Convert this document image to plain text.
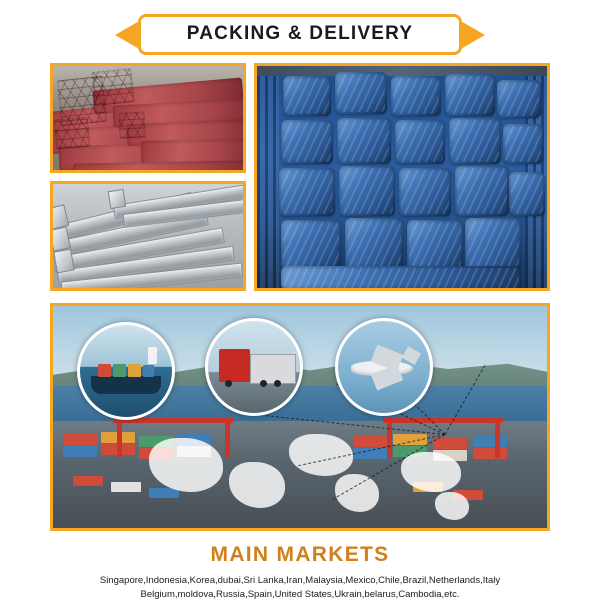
PACKING & DELIVERY
MAIN MARKETS
Singapore,Indonesia,Korea,dubai,Sri Lanka,Iran,Malaysia,Mexico,Chile,Brazil,Netherlands,Italy
Belgium,moldova,Russia,Spain,United States,Ukrain,belarus,Cambodia,etc.
